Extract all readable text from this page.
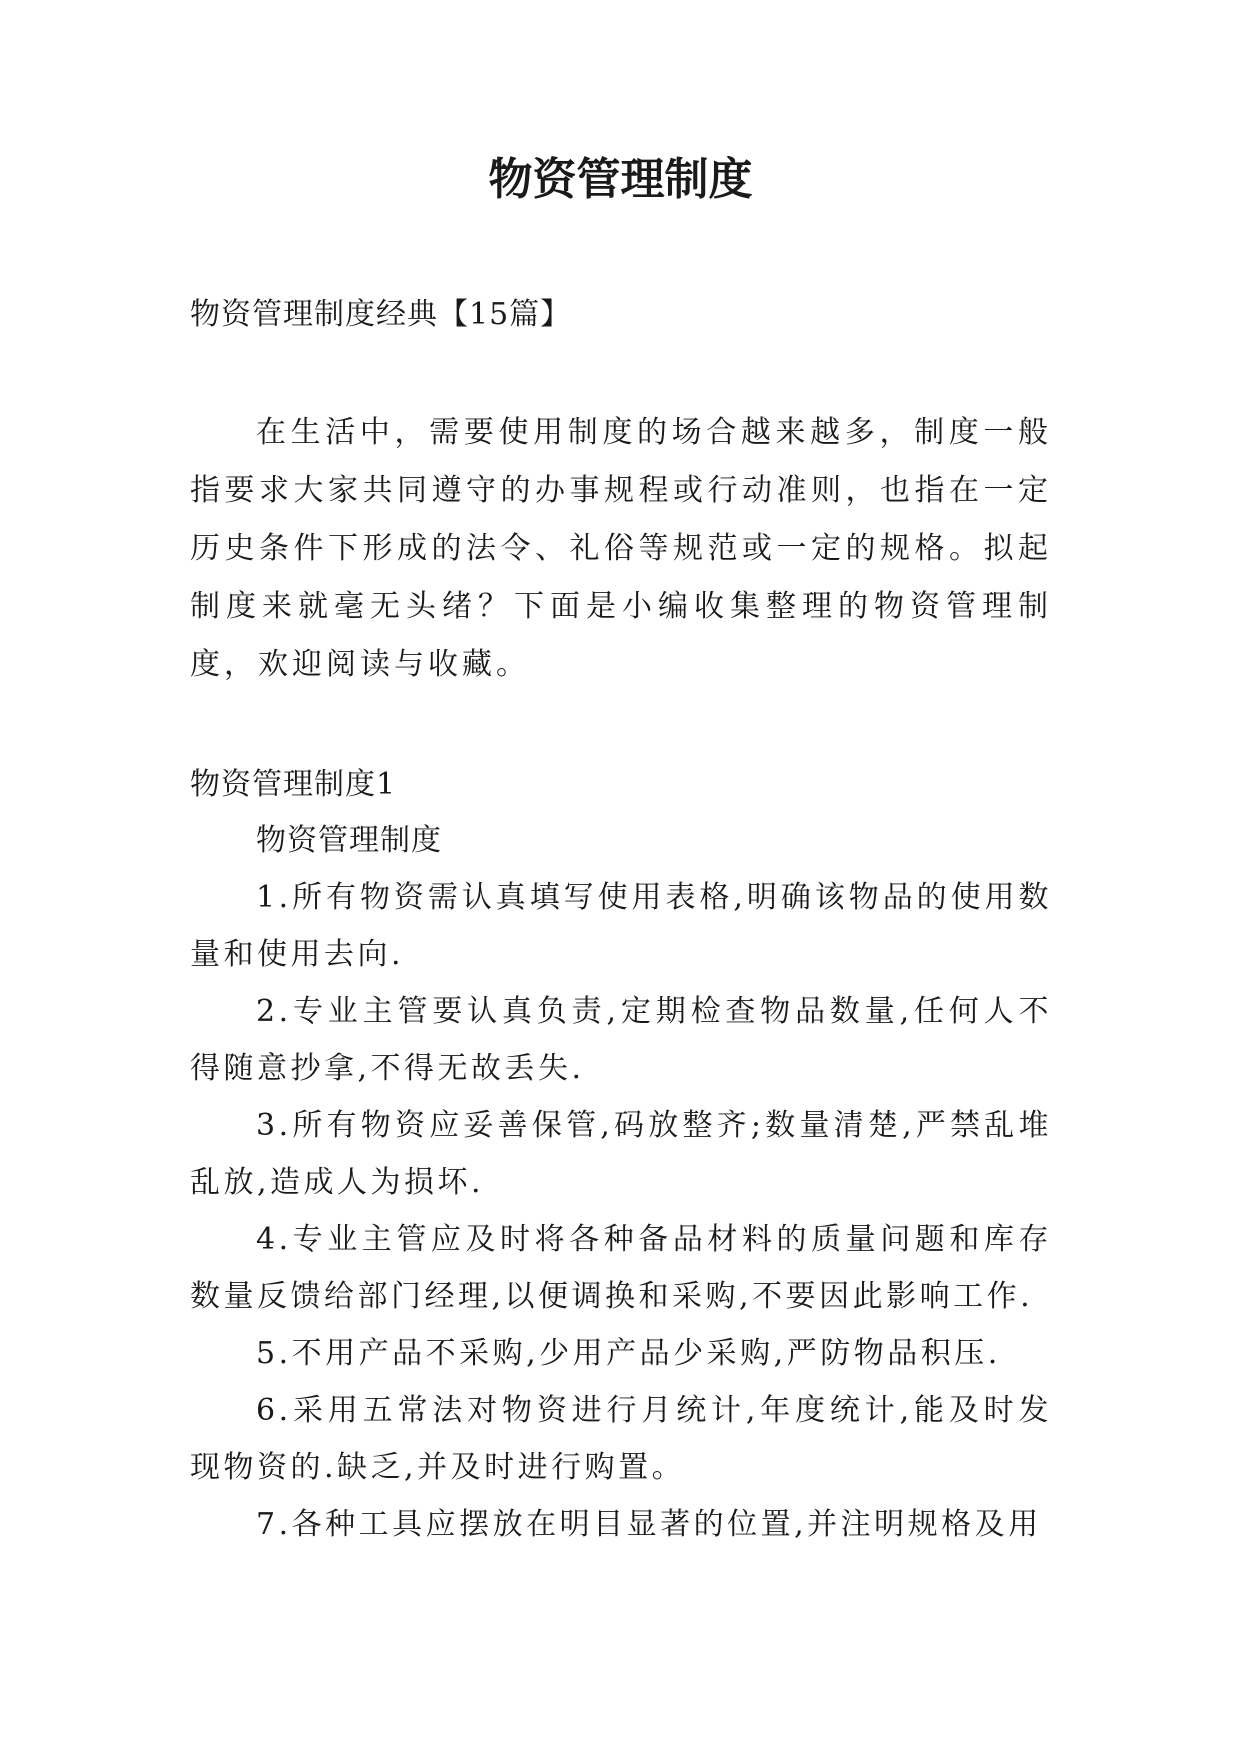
物资管理制度

物资管理制度经典【15篇】

在生活中，需要使用制度的场合越来越多，制度一般指要求大家共同遵守的办事规程或行动准则，也指在一定历史条件下形成的法令、礼俗等规范或一定的规格。拟起制度来就毫无头绪？下面是小编收集整理的物资管理制度，欢迎阅读与收藏。

物资管理制度1

物资管理制度

1.所有物资需认真填写使用表格,明确该物品的使用数量和使用去向.

2.专业主管要认真负责,定期检查物品数量,任何人不得随意抄拿,不得无故丢失.

3.所有物资应妥善保管,码放整齐;数量清楚,严禁乱堆乱放,造成人为损坏.

4.专业主管应及时将各种备品材料的质量问题和库存数量反馈给部门经理,以便调换和采购,不要因此影响工作.

5.不用产品不采购,少用产品少采购,严防物品积压.

6.采用五常法对物资进行月统计,年度统计,能及时发现物资的.缺乏,并及时进行购置。

7.各种工具应摆放在明目显著的位置,并注明规格及用
